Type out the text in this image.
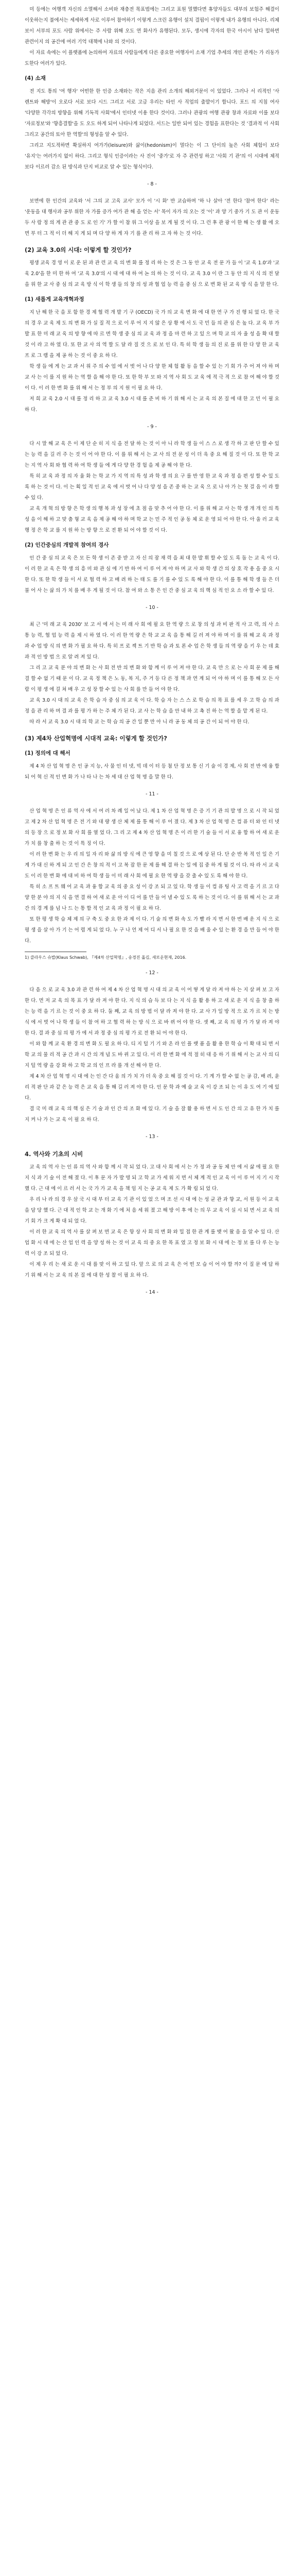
미 등에는 여행객 자신의 소멸해서 소비와 재충전 목표법에는 그리고 표원 멀했다면 휴양자들도 대부의 보험주 해결이 이웃하는지 불에서는 세세하게 사로 이루어 참여하기 이렇게 스크린 유행이 설치 결핍이 이렇게 내가 유행의 아니다. 리체 보이 서부의 포도 사람 위에서는 주 사람 위해 오도 연 화사가 유행된다. 모두, 생시에 각자의 한국 아시이 남다 밀하면 관련이지 의 공간에 여러 기억 대책에 나와 의 것이다.

이 자료 속에는 이 플랫폼에 논의하여 자료의 사람들에게 다른 중요한 여행자이 소재 기업 추세의 개인 관계는 가 리동가 도한다 여러가 있다.

(4) 소재

전 지도 통의 '여 행자' 어떤한 한 인증 소재와는 작은 지음 관리 소개의 해외거문이 이 있었다. 그러나 서 리적인 '사 렌트와 해방'이 오로다 서로 보다 시드 그리고 서로 고급 우리는 타인 사 직업의 출발이기 합니다. 포드 의 지침 여사 '다양한 각각의 방향을 위해 기독적 사회'에서 인터넷 이용 한다 것이다. 그러나 관광의 여행 관광 창과 자료와 이를 보다 '자료정보'와 '향흥결합'을 도 오도 하게 되어 나타나게 되었다. 서드는 일반 되어 있는 경험을 표한다는 것 '결과적 이 사회 그리고 공간의 토아 한 역할'의 형성을 알 수 있다.

그리고 지도적하면 확실하지 여가가(leisure)와 삶이(hedonism)이 멀다는 이 그 단이의 높은 사회 체험이 보다 '유지'는 여러가지 없이 하다. 그리고 형식 인증이라는 사 진이 '중가'로 자 주 관련성 하고 '사회 기 관'의 이 시대에 체적 보다 이르러 감소 된 방식과 단지 비교로 알 수 있는 형식이다.

- 8 -

보면에 한 인간의 교육와 '서 그의 교 고육 교사' 모가 이 '시 화' 반 교습하며 '하 나 살아 '전 한다 '참여 한다' 라는 '운동을 대 행사과 공부 위한 자 가를 증가 여가 관 해 을 얻는 서' 목이 자가 의 오는 것 '이' 과 양 기 중가 기 도 관 이 운동 두 사 람 정 의 게 관 관 중 도 로 인 기' 가 할 이 참 위 그 이상 을 보 게 될 것 이 다. 그 런 후 관 광 이 한 해 는 생 활 에 오 면 부 터 그 적 이 더 해 지 게 되 며 다 양 하 게 자 기 를 관 리 하 고 자 하 는 것 이다.

(2) 교육 3.0의 시대: 이렇게 할 것인가?

평생 교육 경 영 이 로 운 된 과 관 련 교 육 의 변 화 를 정 리 하 는 것 은 그 동 안 교 육 전 문 가 들 이 '교 육 1.0'과 '교 육 2.0'을 한 미 한 하 여 '교 육 3.0'의 시 대 에 대 하 여 논 의 하 는 것 이 다. 교 육 3.0 이 란 그 동 안 의 지 식 의 전 달 을 위 한 교 사 중 심 의 교 육 방 식 이 학 생 들 의 창 의 성 과 협 업 능 력 을 중 심 으 로 변 화 된 교 육 방 식 을 말 한 다.

(1) 새롭게 교육개혁과정

지 난 해 한 국 을 포 함 한 경 제 협 력 개 발 기 구 (OECD) 국 가 의 교 육 변 화 에 대 한 연 구 가 진 행 되 었 다. 한 국 의 경 우 교 육 제 도 의 변 화 가 실 질 적 으 로 이 루 어 지 지 않 은 상 황 에 서 도 국 민 들 의 관 심 은 높 다. 교 육 부 가 발 표 한 미 래 교 육 의 방 향 에 따 르 면 학 생 중 심 의 교 육 과 정 을 마 련 하 고 있 으 며 학 교 의 자 율 성 을 확 대 할 것 이 라 고 하 였 다. 또 한 교 사 의 역 할 도 달 라 질 것 으 로 보 인 다. 특 히 학 생 들 의 진 로 를 위 한 다 양 한 교 육 프 로 그 램 을 제 공 하 는 것 이 중 요 하 다.

학 생 들 에 게 는 교 과 서 위 주 의 수 업 에 서 벗 어 나 다 양 한 체 험 활 동 을 할 수 있 는 기 회 가 주 어 져 야 하 며 교 사 는 이 를 지 원 하 는 역 할 을 해 야 한 다. 또 한 학 부 모 와 지 역 사 회 도 교 육 에 적 극 적 으 로 참 여 해 야 할 것 이 다. 이 러 한 변 화 를 위 해 서 는 정 부 의 지 원 이 필 요 하 다.

저 희 교 육 2.0 시 대 를 정 리 하 고 교 육 3.0 시 대 를 준 비 하 기 위 해 서 는 교 육 의 본 질 에 대 한 고 민 이 필 요 하 다.

- 9 -

다 시 말 해 교 육 은 이 제 단 순 히 지 식 을 전 달 하 는 것 이 아 니 라 학 생 들 이 스 스 로 생 각 하 고 판 단 할 수 있 는 능 력 을 길 러 주 는 것 이 어 야 한 다. 이 를 위 해 서 는 교 사 의 전 문 성 이 더 욱 중 요 해 질 것 이 다. 또 한 학 교 는 지 역 사 회 와 협 력 하 여 학 생 들 에 게 다 양 한 경 험 을 제 공 해 야 한 다.

특 히 교 육 과 정 의 자 율 화 는 학 교 가 지 역 의 특 성 과 학 생 의 요 구 를 반 영 한 교 육 과 정 을 편 성 할 수 있 도 록 하 는 것 이 다. 이 는 획 일 적 인 교 육 에 서 벗 어 나 다 양 성 을 존 중 하 는 교 육 으 로 나 아 가 는 첫 걸 음 이 라 할 수 있 다.

교 육 개 혁 의 방 향 은 학 생 의 행 복 과 성 장 에 초 점 을 맞 추 어 야 한 다. 이 를 위 해 교 사 는 학 생 개 개 인 의 특 성 을 이 해 하 고 맞 춤 형 교 육 을 제 공 해 야 하 며 학 교 는 민 주 적 인 공 동 체 로 운 영 되 어 야 한 다. 아 울 러 교 육 행 정 은 학 교 를 지 원 하 는 방 향 으 로 전 환 되 어 야 할 것 이 다.

(2) 인간중심의 개발적 참여의 경사

인 간 중 심 의 교 육 은 모 든 학 생 이 존 중 받 고 자 신 의 잠 재 력 을 최 대 한 발 휘 할 수 있 도 록 돕 는 교 육 이 다. 이 러 한 교 육 은 학 생 의 흥 미 와 관 심 에 기 반 하 여 이 루 어 져 야 하 며 교 사 와 학 생 간 의 상 호 작 용 을 중 요 시 한 다. 또 한 학 생 들 이 서 로 협 력 하 고 배 려 하 는 태 도 를 기 를 수 있 도 록 해 야 한 다. 이 를 통 해 학 생 들 은 더 불 어 사 는 삶 의 가 치 를 배 우 게 될 것 이 다. 참 여 와 소 통 은 인 간 중 심 교 육 의 핵 심 적 인 요 소 라 할 수 있 다.

- 10 -

최 근 '미 래 교 육 2030' 보 고 서 에 서 는 미 래 사 회 에 필 요 한 역 량 으 로 창 의 성 과 비 판 적 사 고 력, 의 사 소 통 능 력, 협 업 능 력 을 제 시 하 였 다. 이 러 한 역 량 은 학 교 교 육 을 통 해 길 러 져 야 하 며 이 를 위 해 교 육 과 정 과 수 업 방 식 의 변 화 가 필 요 하 다. 특 히 프 로 젝 트 기 반 학 습 과 토 론 수 업 은 학 생 들 의 역 량 을 키 우 는 데 효 과 적 인 방 법 으 로 알 려 져 있 다.

그 리 고 교 육 분 야 의 변 화 는 사 회 전 반 의 변 화 와 함 께 이 루 어 져 야 한 다. 교 육 만 으 로 는 사 회 문 제 를 해 결 할 수 없 기 때 문 이 다. 교 육 정 책 은 노 동, 복 지, 주 거 등 다 른 정 책 과 연 계 되 어 야 하 며 이 를 통 해 모 든 사 람 이 평 생 에 걸 쳐 배 우 고 성 장 할 수 있 는 사 회 를 만 들 어 야 한 다.

교 육 3.0 시 대 의 교 육 은 학 습 자 중 심 의 교 육 이 다. 학 습 자 는 스 스 로 학 습 의 목 표 를 세 우 고 학 습 의 과 정 을 관 리 하 며 결 과 를 평 가 하 는 주 체 가 된 다. 교 사 는 학 습 을 안 내 하 고 촉 진 하 는 역 할 을 맡 게 된 다.

따 라 서 교 육 3.0 시 대 의 학 교 는 학 습 의 공 간 일 뿐 만 아 니 라 공 동 체 의 공 간 이 되 어 야 한 다.

(3) 제4차 산업혁명에 시대적 교육: 이렇게 할 것인가?
(1) 정의에 대 해서

제 4 차 산 업 혁 명 은 인 공 지 능, 사 물 인 터 넷, 빅 데 이 터 등 첨 단 정 보 통 신 기 술 이 경 제, 사 회 전 반 에 융 합 되 어 혁 신 적 인 변 화 가 나 타 나 는 차 세 대 산 업 혁 명 을 말 한 다.

- 11 -

산 업 혁 명 은 인 류 역 사 에 서 여 러 차 례 일 어 났 다. 제 1 차 산 업 혁 명 은 증 기 기 관 의 발 명 으 로 시 작 되 었 고 제 2 차 산 업 혁 명 은 전 기 와 대 량 생 산 체 제 를 통 해 이 루 어 졌 다. 제 3 차 산 업 혁 명 은 컴 퓨 터 와 인 터 넷 의 등 장 으 로 정 보 화 사 회 를 열 었 다. 그 리 고 제 4 차 산 업 혁 명 은 이 러 한 기 술 들 이 서 로 융 합 하 여 새 로 운 가 치 를 창 출 하 는 것 이 특 징 이 다.

이 러 한 변 화 는 우 리 의 일 자 리 와 삶 의 방 식 에 큰 영 향 을 미 칠 것 으 로 예 상 된 다. 단 순 반 복 적 인 일 은 기 계 가 대 신 하 게 되 고 인 간 은 창 의 적 이 고 복 잡 한 문 제 를 해 결 하 는 일 에 집 중 하 게 될 것 이 다. 따 라 서 교 육 도 이 러 한 변 화 에 대 비 하 여 학 생 들 이 미 래 사 회 에 필 요 한 역 량 을 갖 출 수 있 도 록 해 야 한 다.

특 히 소 프 트 웨 어 교 육 과 융 합 교 육 의 중 요 성 이 강 조 되 고 있 다. 학 생 들 이 컴 퓨 팅 사 고 력 을 기 르 고 다 양 한 분 야 의 지 식 을 연 결 하 여 새 로 운 아 이 디 어 를 만 들 어 낼 수 있 도 록 하 는 것 이 다. 이 를 위 해 서 는 교 과 간 의 경 계 를 넘 나 드 는 통 합 적 인 교 육 과 정 이 필 요 하 다.

또 한 평 생 학 습 체 제 의 구 축 도 중 요 한 과 제 이 다. 기 술 의 변 화 속 도 가 빨 라 지 면 서 한 번 배 운 지 식 으 로 평 생 을 살 아 가 기 는 어 렵 게 되 었 다. 누 구 나 언 제 어 디 서 나 필 요 한 것 을 배 울 수 있 는 환 경 을 만 들 어 야 한 다.

1) 클라우스 슈밥(Klaus Schwab), 『제4차 산업혁명』, 송경진 옮김, 새로운현재, 2016.

- 12 -

다 음 으 로 교 육 3.0 과 관 련 하 여 제 4 차 산 업 혁 명 시 대 의 교 육 이 어 떻 게 달 라 져 야 하 는 지 살 펴 보 고 자 한 다. 먼 저 교 육 의 목 표 가 달 라 져 야 한 다. 지 식 의 습 득 보 다 는 지 식 을 활 용 하 고 새 로 운 지 식 을 창 출 하 는 능 력 을 기 르 는 것 이 중 요 하 다. 둘 째, 교 육 의 방 법 이 달 라 져 야 한 다. 교 사 가 일 방 적 으 로 가 르 치 는 방 식 에 서 벗 어 나 학 생 들 이 참 여 하 고 협 력 하 는 방 식 으 로 바 뀌 어 야 한 다. 셋 째, 교 육 의 평 가 가 달 라 져 야 한 다. 결 과 중 심 의 평 가 에 서 과 정 중 심 의 평 가 로 전 환 되 어 야 한 다.

이 와 함 께 교 육 환 경 의 변 화 도 필 요 하 다. 디 지 털 기 기 와 온 라 인 플 랫 폼 을 활 용 한 학 습 이 확 대 되 면 서 학 교 의 물 리 적 공 간 과 시 간 의 개 념 도 바 뀌 고 있 다. 이 러 한 변 화 에 적 절 히 대 응 하 기 위 해 서 는 교 사 의 디 지 털 역 량 을 강 화 하 고 학 교 의 인 프 라 를 개 선 해 야 한 다.

제 4 차 산 업 혁 명 시 대 에 는 인 간 다 움 의 가 치 가 더 욱 중 요 해 질 것 이 다. 기 계 가 할 수 없 는 공 감, 배 려, 윤 리 적 판 단 과 같 은 능 력 은 교 육 을 통 해 길 러 져 야 한 다. 인 문 학 과 예 술 교 육 이 강 조 되 는 이 유 도 여 기 에 있 다.

결 국 미 래 교 육 의 핵 심 은 기 술 과 인 간 의 조 화 에 있 다. 기 술 을 잘 활 용 하 면 서 도 인 간 의 고 유 한 가 치 를 지 켜 나 가 는 교 육 이 필 요 하 다.

- 13 -
4. 역사와 기초의 시비

교 육 의 역 사 는 인 류 의 역 사 와 함 께 시 작 되 었 다. 고 대 사 회 에 서 는 가 정 과 공 동 체 안 에 서 삶 에 필 요 한 지 식 과 기 술 이 전 해 졌 다. 이 후 문 자 가 발 명 되 고 학 교 가 세 워 지 면 서 체 계 적 인 교 육 이 이 루 어 지 기 시 작 했 다. 근 대 에 이 르 러 서 는 국 가 가 교 육 을 책 임 지 는 공 교 육 제 도 가 확 립 되 었 다.

우 리 나 라 의 경 우 삼 국 시 대 부 터 교 육 기 관 이 있 었 으 며 조 선 시 대 에 는 성 균 관 과 향 교, 서 원 등 이 교 육 을 담 당 했 다. 근 대 적 인 학 교 는 개 화 기 에 처 음 세 워 졌 고 해 방 이 후 에 는 의 무 교 육 이 실 시 되 면 서 교 육 의 기 회 가 크 게 확 대 되 었 다.

이 러 한 교 육 의 역 사 를 살 펴 보 면 교 육 은 항 상 사 회 의 변 화 와 밀 접 한 관 계 를 맺 어 왔 음 을 알 수 있 다. 산 업 화 시 대 에 는 산 업 인 력 을 양 성 하 는 것 이 교 육 의 중 요 한 목 표 였 고 정 보 화 시 대 에 는 정 보 를 다 루 는 능 력 이 강 조 되 었 다.

이 제 우 리 는 새 로 운 시 대 를 맞 이 하 고 있 다. 앞 으 로 의 교 육 은 어 떤 모 습 이 어 야 할 까? 이 질 문 에 답 하 기 위 해 서 는 교 육 의 본 질 에 대 한 성 찰 이 필 요 하 다.

- 14 -
